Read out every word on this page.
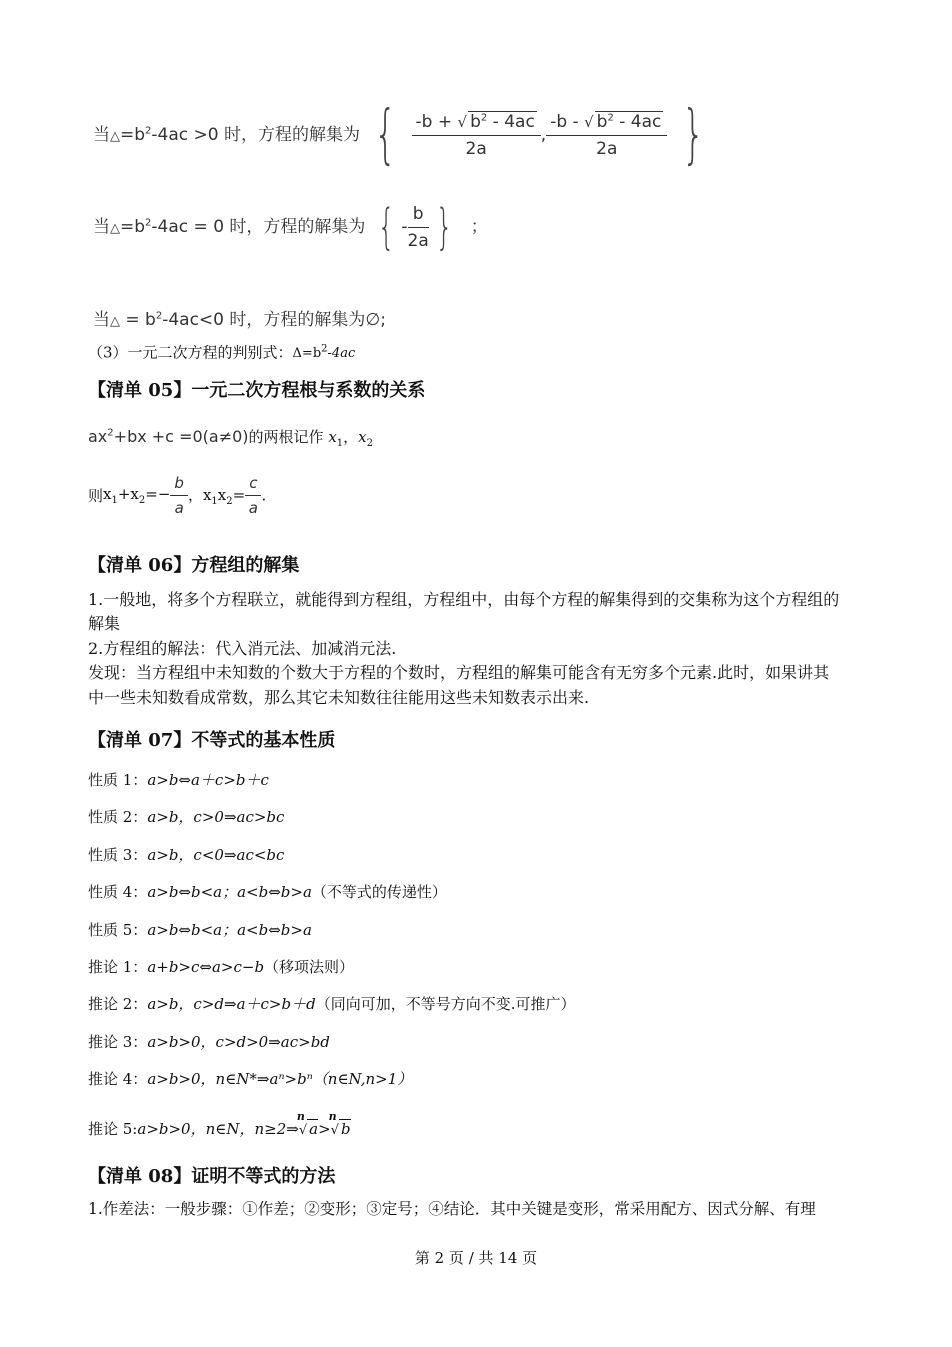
当$\triangle=b^2-4ac >0$ 时，方程的解集为 { $\frac{-b + √ b^2 - 4ac}{2a}$ , $\frac{-b - √ b^2 - 4ac}{2a}$ }
当$\triangle=b^2-4ac = 0$ 时，方程的解集为 { - $\frac{b}{2a}$ } ；
当△ = $b^2-4ac<0$ 时，方程的解集为∅;
（3）一元二次方程的判别式：$\Delta=b^2-4ac$
【清单 05】一元二次方程根与系数的关系
$ax^2+bx +c =0(a\ne 0)$的两根记作 $x_1$，$x_2$
则$x_1+x_2=- \frac{b}{a}$ ，$x_1x_2= \frac{c}{a}$ .
【清单 06】方程组的解集
1.一般地，将多个方程联立，就能得到方程组，方程组中，由每个方程的解集得到的交集称为这个方程组的
解集
2.方程组的解法：代入消元法、加减消元法.
发现：当方程组中未知数的个数大于方程的个数时，方程组的解集可能含有无穷多个元素.此时，如果讲其
中一些未知数看成常数，那么其它未知数往往能用这些未知数表示出来.
【清单 07】不等式的基本性质
性质 1：a>b⇔a＋c>b＋c
性质 2：a>b，c>0⇒ac>bc
性质 3：a>b，c<0⇒ac<bc
性质 4：a>b⇔b<a；a<b⇔b>a（不等式的传递性）
性质 5：a>b⇔b<a；a<b⇔b>a
推论 1：a+b>c⇔a>c−b（移项法则）
推论 2：a>b，c>d⇒a＋c>b＋d（同向可加，不等号方向不变.可推广）
推论 3：a>b>0，c>d>0⇒ac>bd
推论 4：a>b>0，n∈N*⇒aⁿ>bⁿ（n∈N,n>1）
推论 5:a>b>0，n∈N，n≥2⇒
n
√ a>
n
√ b
【清单 08】证明不等式的方法
1.作差法：一般步骤：①作差；②变形；③定号；④结论．其中关键是变形，常采用配方、因式分解、有理
第 2 页 / 共 14 页
